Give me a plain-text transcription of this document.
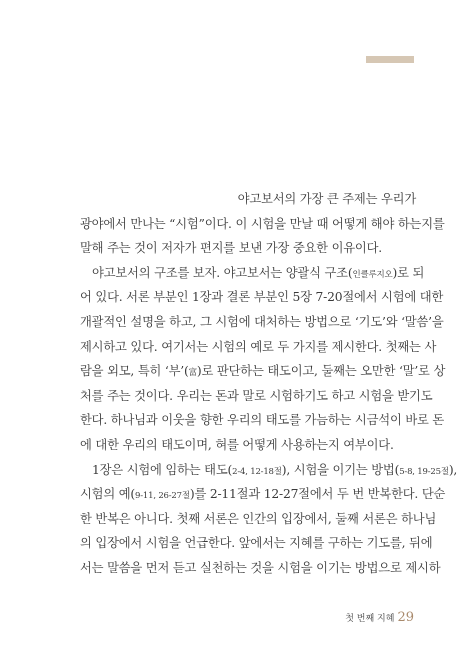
야고보서의 가장 큰 주제는 우리가
광야에서 만나는 “시험”이다. 이 시험을 만날 때 어떻게 해야 하는지를
말해 주는 것이 저자가 편지를 보낸 가장 중요한 이유이다.
야고보서의 구조를 보자. 야고보서는 양괄식 구조(인클루지오)로 되
어 있다. 서론 부분인 1장과 결론 부분인 5장 7-20절에서 시험에 대한
개괄적인 설명을 하고, 그 시험에 대처하는 방법으로 ‘기도’와 ‘말씀’을
제시하고 있다. 여기서는 시험의 예로 두 가지를 제시한다. 첫째는 사
람을 외모, 특히 ‘부’(富)로 판단하는 태도이고, 둘째는 오만한 ‘말’로 상
처를 주는 것이다. 우리는 돈과 말로 시험하기도 하고 시험을 받기도
한다. 하나님과 이웃을 향한 우리의 태도를 가늠하는 시금석이 바로 돈
에 대한 우리의 태도이며, 혀를 어떻게 사용하는지 여부이다.
1장은 시험에 임하는 태도(2-4, 12-18절), 시험을 이기는 방법(5-8, 19-25절),
시험의 예(9-11, 26-27절)를 2-11절과 12-27절에서 두 번 반복한다. 단순
한 반복은 아니다. 첫째 서론은 인간의 입장에서, 둘째 서론은 하나님
의 입장에서 시험을 언급한다. 앞에서는 지혜를 구하는 기도를, 뒤에
서는 말씀을 먼저 듣고 실천하는 것을 시험을 이기는 방법으로 제시하
첫 번째 지혜 29
